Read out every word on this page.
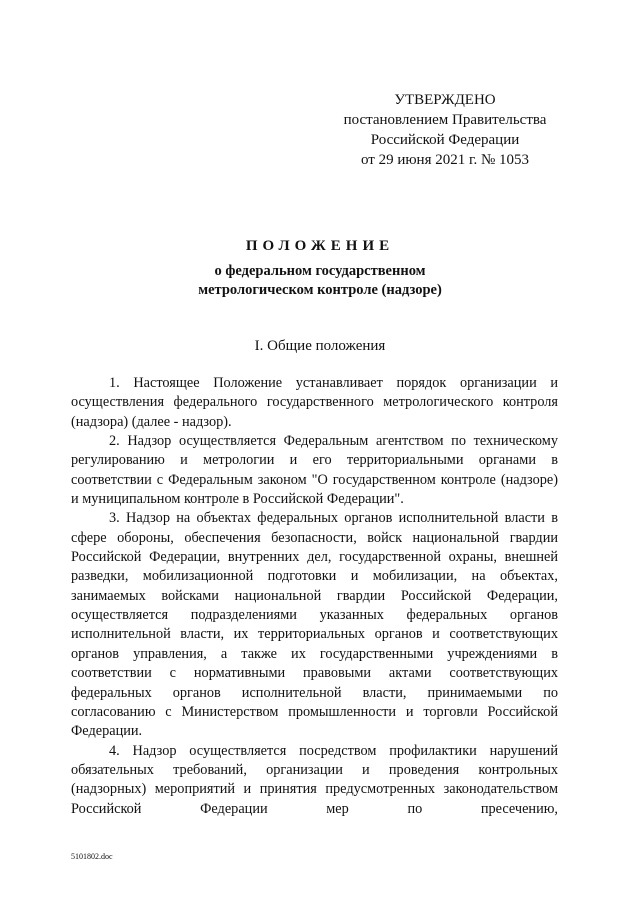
УТВЕРЖДЕНО
постановлением Правительства
Российской Федерации
от 29 июня 2021 г. № 1053
ПОЛОЖЕНИЕ
о федеральном государственном
метрологическом контроле (надзоре)
I. Общие положения

1. Настоящее Положение устанавливает порядок организации и осуществления федерального государственного метрологического контроля (надзора) (далее - надзор).

2. Надзор осуществляется Федеральным агентством по техническому регулированию и метрологии и его территориальными органами в соответствии с Федеральным законом "О государственном контроле (надзоре) и муниципальном контроле в Российской Федерации".

3. Надзор на объектах федеральных органов исполнительной власти в сфере обороны, обеспечения безопасности, войск национальной гвардии Российской Федерации, внутренних дел, государственной охраны, внешней разведки, мобилизационной подготовки и мобилизации, на объектах, занимаемых войсками национальной гвардии Российской Федерации, осуществляется подразделениями указанных федеральных органов исполнительной власти, их территориальных органов и соответствующих органов управления, а также их государственными учреждениями в соответствии с нормативными правовыми актами соответствующих федеральных органов исполнительной власти, принимаемыми по согласованию с Министерством промышленности и торговли Российской Федерации.

4. Надзор осуществляется посредством профилактики нарушений обязательных требований, организации и проведения контрольных (надзорных) мероприятий и принятия предусмотренных законодательством Российской Федерации мер по пресечению,

5101802.doc
